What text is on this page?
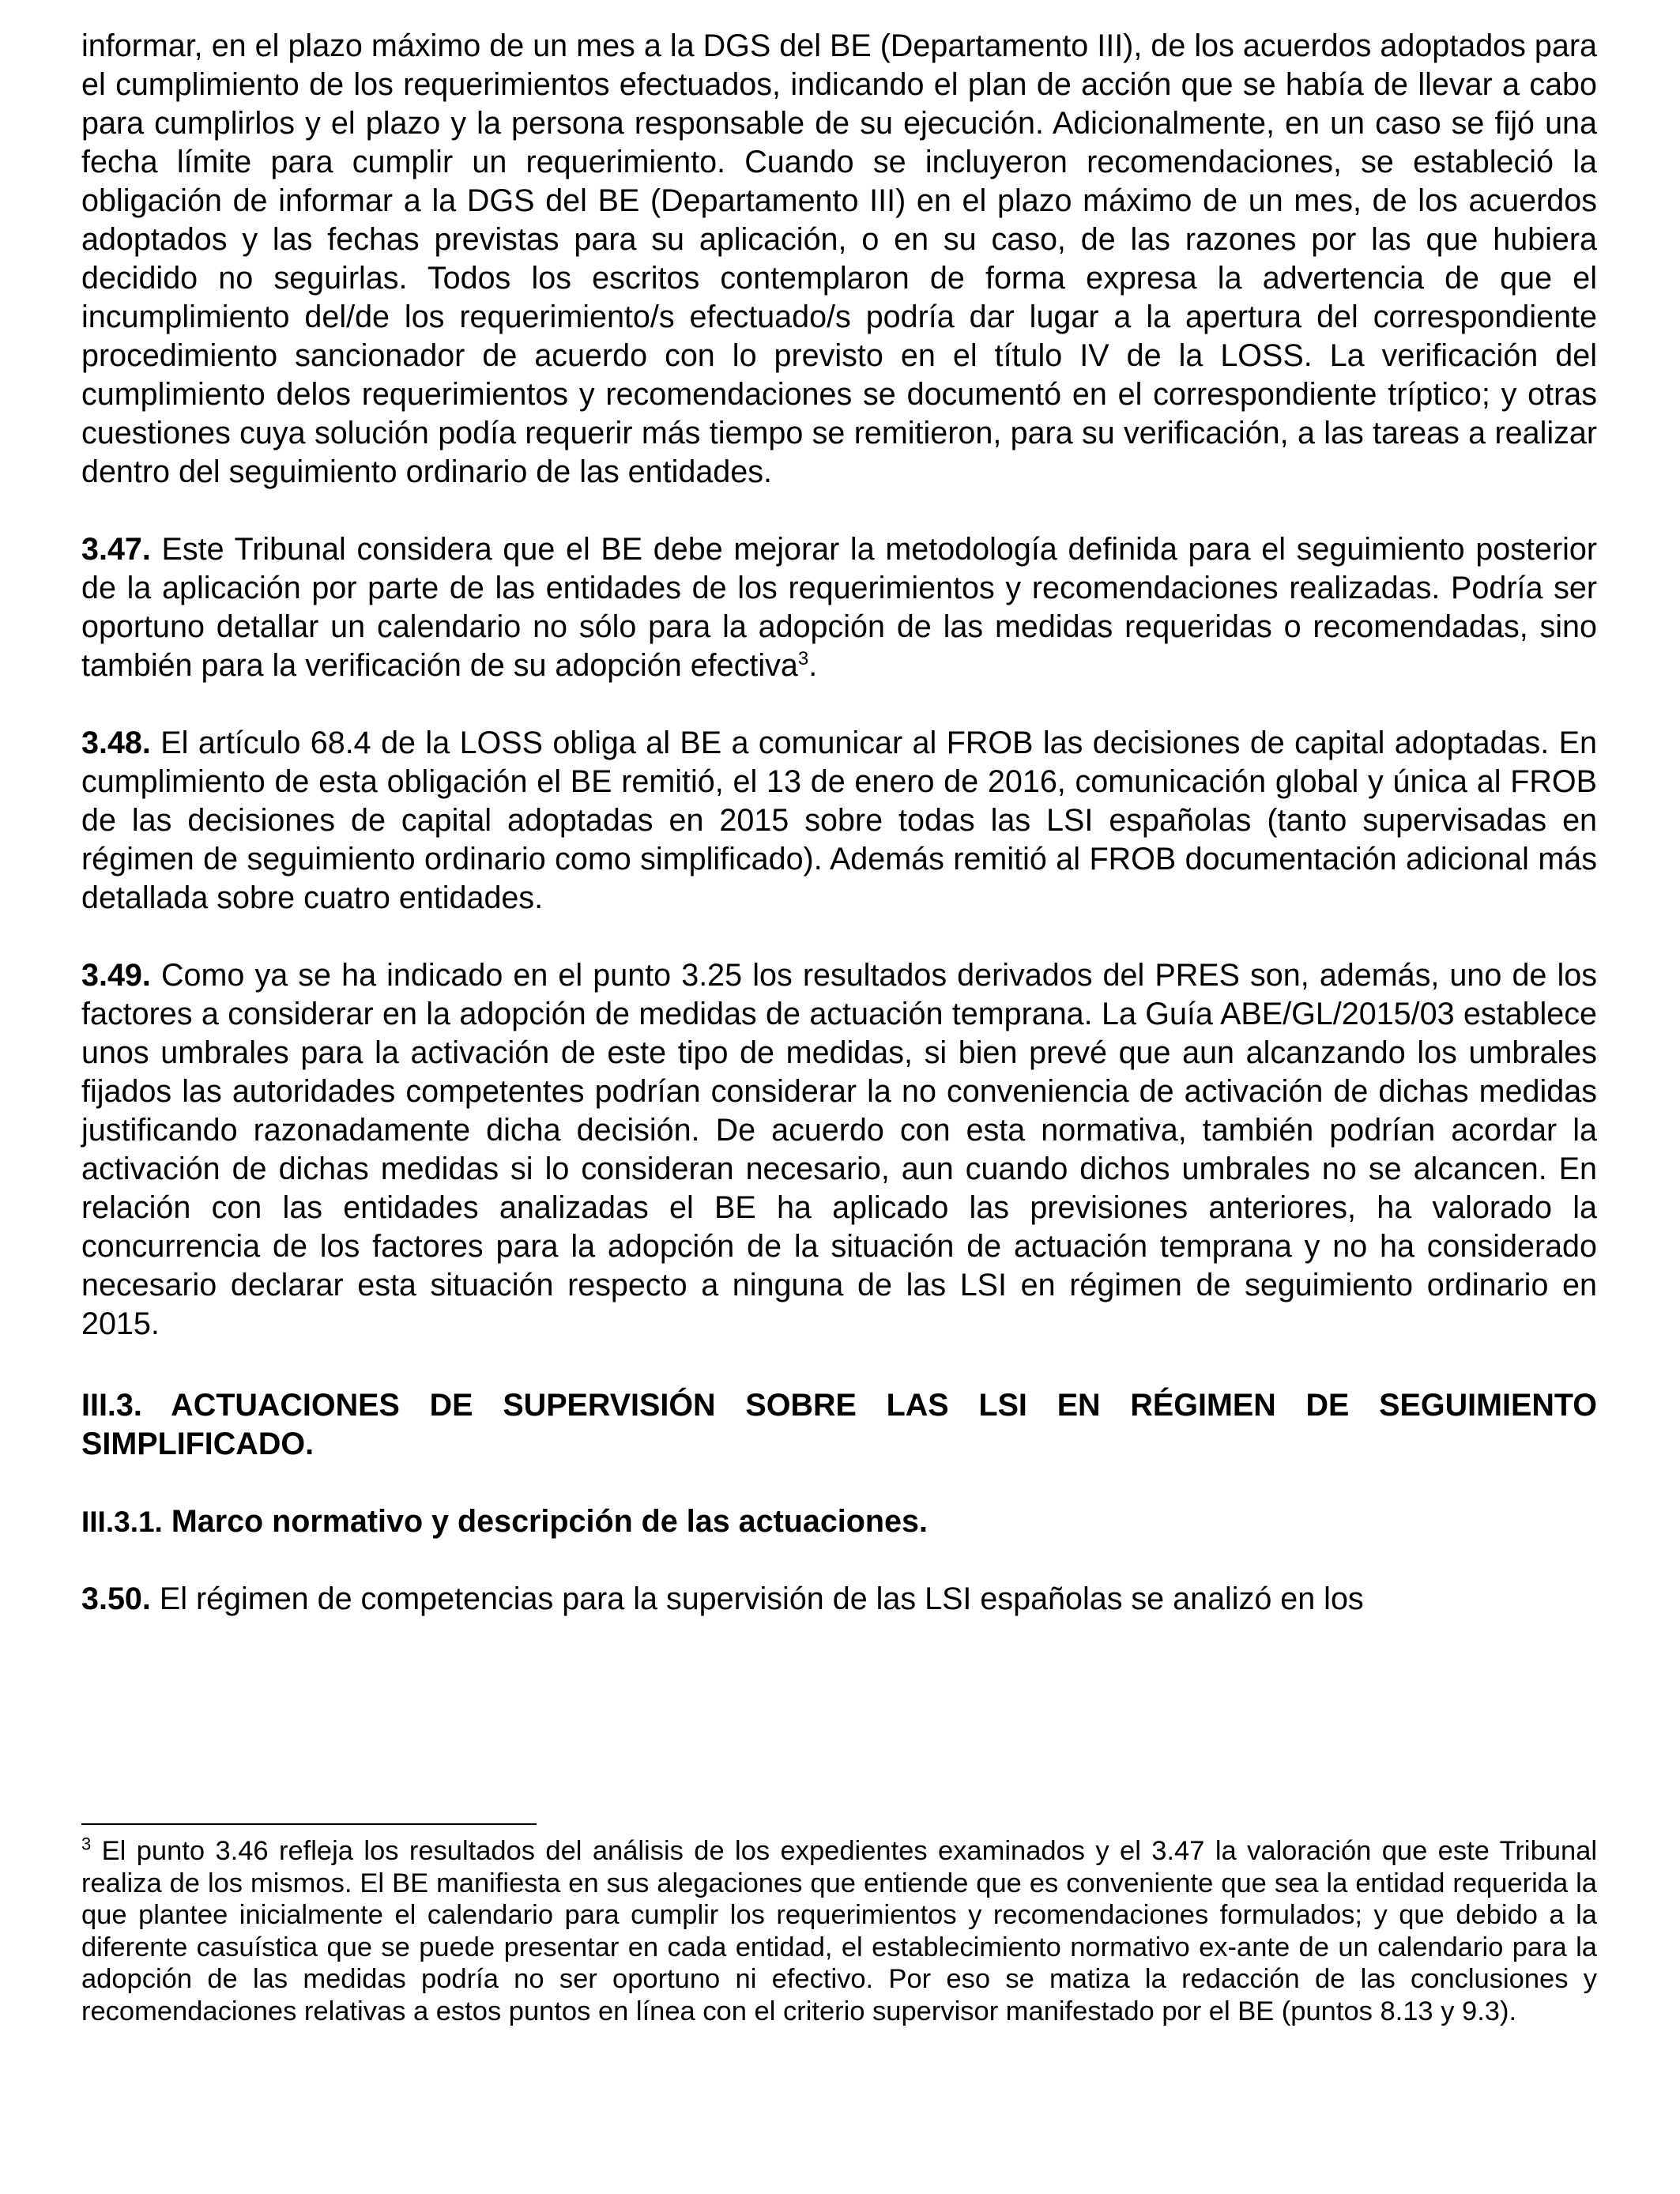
informar, en el plazo máximo de un mes a la DGS del BE (Departamento III), de los acuerdos adoptados para el cumplimiento de los requerimientos efectuados, indicando el plan de acción que se había de llevar a cabo para cumplirlos y el plazo y la persona responsable de su ejecución. Adicionalmente, en un caso se fijó una fecha límite para cumplir un requerimiento. Cuando se incluyeron recomendaciones, se estableció la obligación de informar a la DGS del BE (Departamento III) en el plazo máximo de un mes, de los acuerdos adoptados y las fechas previstas para su aplicación, o en su caso, de las razones por las que hubiera decidido no seguirlas. Todos los escritos contemplaron de forma expresa la advertencia de que el incumplimiento del/de los requerimiento/s efectuado/s podría dar lugar a la apertura del correspondiente procedimiento sancionador de acuerdo con lo previsto en el título IV de la LOSS. La verificación del cumplimiento delos requerimientos y recomendaciones se documentó en el correspondiente tríptico; y otras cuestiones cuya solución podía requerir más tiempo se remitieron, para su verificación, a las tareas a realizar dentro del seguimiento ordinario de las entidades.

3.47. Este Tribunal considera que el BE debe mejorar la metodología definida para el seguimiento posterior de la aplicación por parte de las entidades de los requerimientos y recomendaciones realizadas. Podría ser oportuno detallar un calendario no sólo para la adopción de las medidas requeridas o recomendadas, sino también para la verificación de su adopción efectiva$^3$.

3.48. El artículo 68.4 de la LOSS obliga al BE a comunicar al FROB las decisiones de capital adoptadas. En cumplimiento de esta obligación el BE remitió, el 13 de enero de 2016, comunicación global y única al FROB de las decisiones de capital adoptadas en 2015 sobre todas las LSI españolas (tanto supervisadas en régimen de seguimiento ordinario como simplificado). Además remitió al FROB documentación adicional más detallada sobre cuatro entidades.

3.49. Como ya se ha indicado en el punto 3.25 los resultados derivados del PRES son, además, uno de los factores a considerar en la adopción de medidas de actuación temprana. La Guía ABE/GL/2015/03 establece unos umbrales para la activación de este tipo de medidas, si bien prevé que aun alcanzando los umbrales fijados las autoridades competentes podrían considerar la no conveniencia de activación de dichas medidas justificando razonadamente dicha decisión. De acuerdo con esta normativa, también podrían acordar la activación de dichas medidas si lo consideran necesario, aun cuando dichos umbrales no se alcancen. En relación con las entidades analizadas el BE ha aplicado las previsiones anteriores, ha valorado la concurrencia de los factores para la adopción de la situación de actuación temprana y no ha considerado necesario declarar esta situación respecto a ninguna de las LSI en régimen de seguimiento ordinario en 2015.

III.3. ACTUACIONES DE SUPERVISIÓN SOBRE LAS LSI EN RÉGIMEN DE SEGUIMIENTO SIMPLIFICADO.

III.3.1. Marco normativo y descripción de las actuaciones.

3.50. El régimen de competencias para la supervisión de las LSI españolas se analizó en los

$^3$ El punto 3.46 refleja los resultados del análisis de los expedientes examinados y el 3.47 la valoración que este Tribunal realiza de los mismos. El BE manifiesta en sus alegaciones que entiende que es conveniente que sea la entidad requerida la que plantee inicialmente el calendario para cumplir los requerimientos y recomendaciones formulados; y que debido a la diferente casuística que se puede presentar en cada entidad, el establecimiento normativo ex-ante de un calendario para la adopción de las medidas podría no ser oportuno ni efectivo. Por eso se matiza la redacción de las conclusiones y recomendaciones relativas a estos puntos en línea con el criterio supervisor manifestado por el BE (puntos 8.13 y 9.3).
